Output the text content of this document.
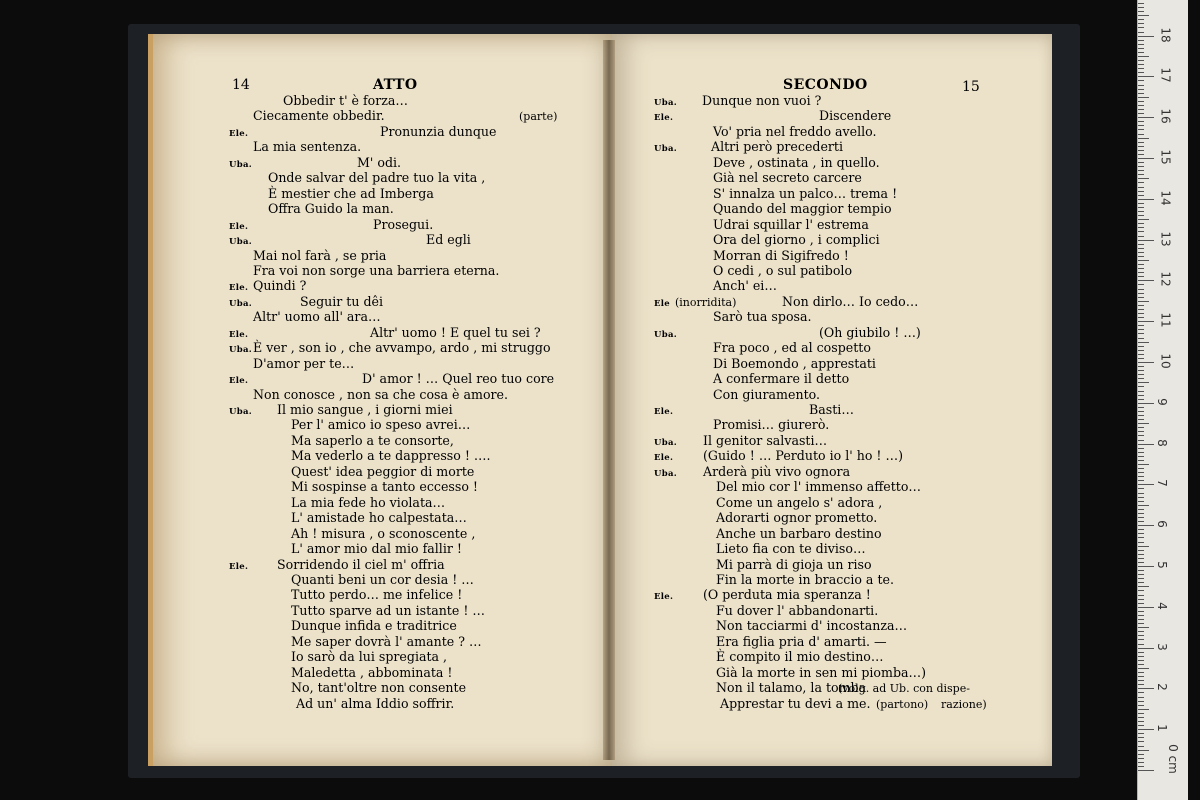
14	ATTO	SECONDO	15
Obbedir t' è forza…
Ciecamente obbedir.	(parte)
Ele.	Pronunzia dunque
La mia sentenza.
Uba.	M' odi.
Onde salvar del padre tuo la vita ,
È mestier che ad Imberga
Offra Guido la man.
Ele.	Prosegui.
Uba.	Ed egli
Mai nol farà , se pria
Fra voi non sorge una barriera eterna.
Ele. Quindi ?
Uba.	Seguir tu dêi
Altr' uomo all' ara…
Ele.	Altr' uomo ! E quel tu sei ?
Uba. È ver , son io , che avvampo, ardo , mi struggo
D'amor per te…
Ele.	D' amor ! … Quel reo tuo core
Non conosce , non sa che cosa è amore.
Uba. Il mio sangue , i giorni miei
Per l' amico io speso avrei…
Ma saperlo a te consorte,
Ma vederlo a te dappresso ! ….
Quest' idea peggior di morte
Mi sospinse a tanto eccesso !
La mia fede ho violata…
L' amistade ho calpestata…
Ah ! misura , o sconoscente ,
L' amor mio dal mio fallir !
Ele. Sorridendo il ciel m' offria
Quanti beni un cor desia ! …
Tutto perdo… me infelice !
Tutto sparve ad un istante ! …
Dunque infida e traditrice
Me saper dovrà l' amante ? …
Io sarò da lui spregiata ,
Maledetta , abbominata !
No, tant'oltre non consente
Ad un' alma Iddio soffrir.
Uba. Dunque non vuoi ?
Ele.	Discendere
Vo' pria nel freddo avello.
Uba.	Altri però precederti
Deve , ostinata , in quello.
Già nel secreto carcere
S' innalza un palco… trema !
Quando del maggior tempio
Udrai squillar l' estrema
Ora del giorno , i complici
Morran di Sigifredo !
O cedi , o sul patibolo
Anch' ei…
Ele	Non dirlo… Io cedo…
(inorridita)
Sarò tua sposa.
Uba.	(Oh giubilo ! …)
Fra poco , ed al cospetto
Di Boemondo , apprestati
A confermare il detto
Con giuramento.
Ele.	Basti…
Promisi… giurerò.
Uba. Il genitor salvasti…
Ele. (Guido ! … Perduto io l' ho ! …)
Uba. Arderà più vivo ognora
Del mio cor l' immenso affetto…
Come un angelo s' adora ,
Adorarti ognor prometto.
Anche un barbaro destino
Lieto fia con te diviso…
Mi parrà di gioja un riso
Fin la morte in braccio a te.
Ele. (O perduta mia speranza !
Fu dover l' abbandonarti.
Non tacciarmi d' incostanza…
Era figlia pria d' amarti. —
È compito il mio destino…
Già la morte in sen mi piomba…)
Non il talamo, la tomba
(volg. ad Ub. con dispe-
Apprestar tu devi a me. (partono) razione)
0 cm
1
2
3
4
5
6
7
8
9
10
11
12
13
14
15
16
17
18
